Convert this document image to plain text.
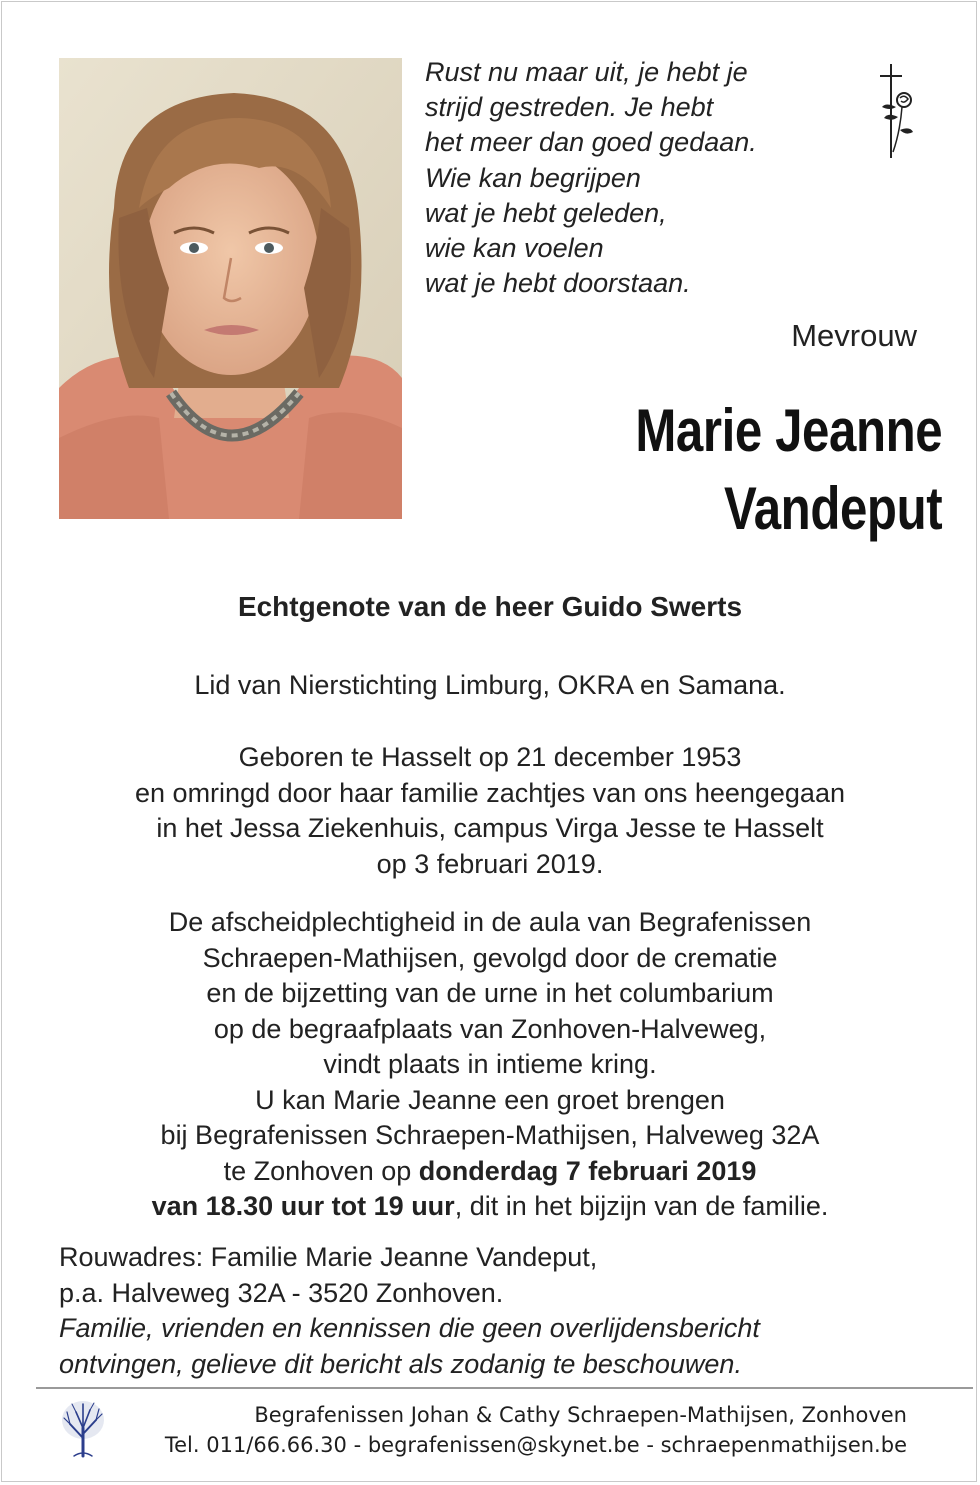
Rust nu maar uit, je hebt je
strijd gestreden. Je hebt
het meer dan goed gedaan.
Wie kan begrijpen
wat je hebt geleden,
wie kan voelen
wat je hebt doorstaan.
Mevrouw
Marie Jeanne
Vandeput
Echtgenote van de heer Guido Swerts
Lid van Nierstichting Limburg, OKRA en Samana.
Geboren te Hasselt op 21 december 1953
en omringd door haar familie zachtjes van ons heengegaan
in het Jessa Ziekenhuis, campus Virga Jesse te Hasselt
op 3 februari 2019.
De afscheidplechtigheid in de aula van Begrafenissen
Schraepen-Mathijsen, gevolgd door de crematie
en de bijzetting van de urne in het columbarium
op de begraafplaats van Zonhoven-Halveweg,
vindt plaats in intieme kring.
U kan Marie Jeanne een groet brengen
bij Begrafenissen Schraepen-Mathijsen, Halveweg 32A
te Zonhoven op donderdag 7 februari 2019
van 18.30 uur tot 19 uur, dit in het bijzijn van de familie.
Rouwadres: Familie Marie Jeanne Vandeput,
p.a. Halveweg 32A - 3520 Zonhoven.
Familie, vrienden en kennissen die geen overlijdensbericht
ontvingen, gelieve dit bericht als zodanig te beschouwen.
Begrafenissen Johan & Cathy Schraepen-Mathijsen, Zonhoven
Tel. 011/66.66.30 - begrafenissen@skynet.be - schraepenmathijsen.be
